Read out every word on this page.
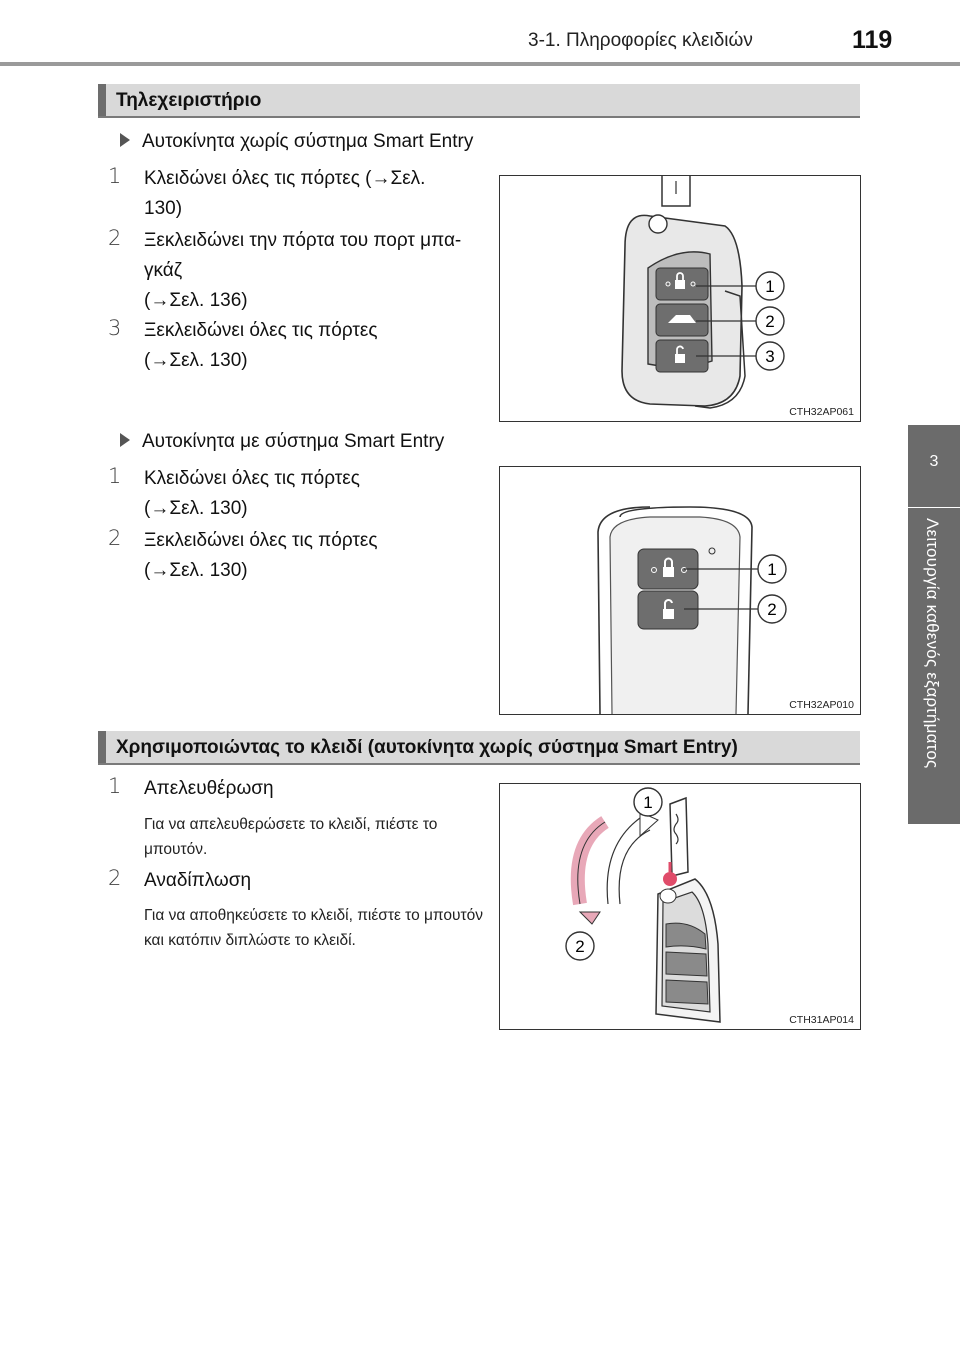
3-1. Πληροφορίες κλειδιών	119
3
Λειτουργία καθενός εξαρτήματος
Τηλεχειριστήριο
Αυτοκίνητα χωρίς σύστημα Smart Entry
1 Κλειδώνει όλες τις πόρτες (→Σελ.
130)
2 Ξεκλειδώνει την πόρτα του πορτ μπα-
γκάζ
(→Σελ. 136)
3 Ξεκλειδώνει όλες τις πόρτες
(→Σελ. 130)
1
2
3
CTH32AP061
Αυτοκίνητα με σύστημα Smart Entry
1 Κλειδώνει όλες τις πόρτες
(→Σελ. 130)
2 Ξεκλειδώνει όλες τις πόρτες
(→Σελ. 130)	1
2
CTH32AP010
Χρησιμοποιώντας το κλειδί (αυτοκίνητα χωρίς σύστημα Smart Entry)
1 Απελευθέρωση
Για να απελευθερώσετε το κλειδί, πιέστε το μπουτόν.
2 Αναδίπλωση
Για να αποθηκεύσετε το κλειδί, πιέστε το μπουτόν και κατόπιν διπλώστε το κλειδί.
1
2
CTH31AP014
